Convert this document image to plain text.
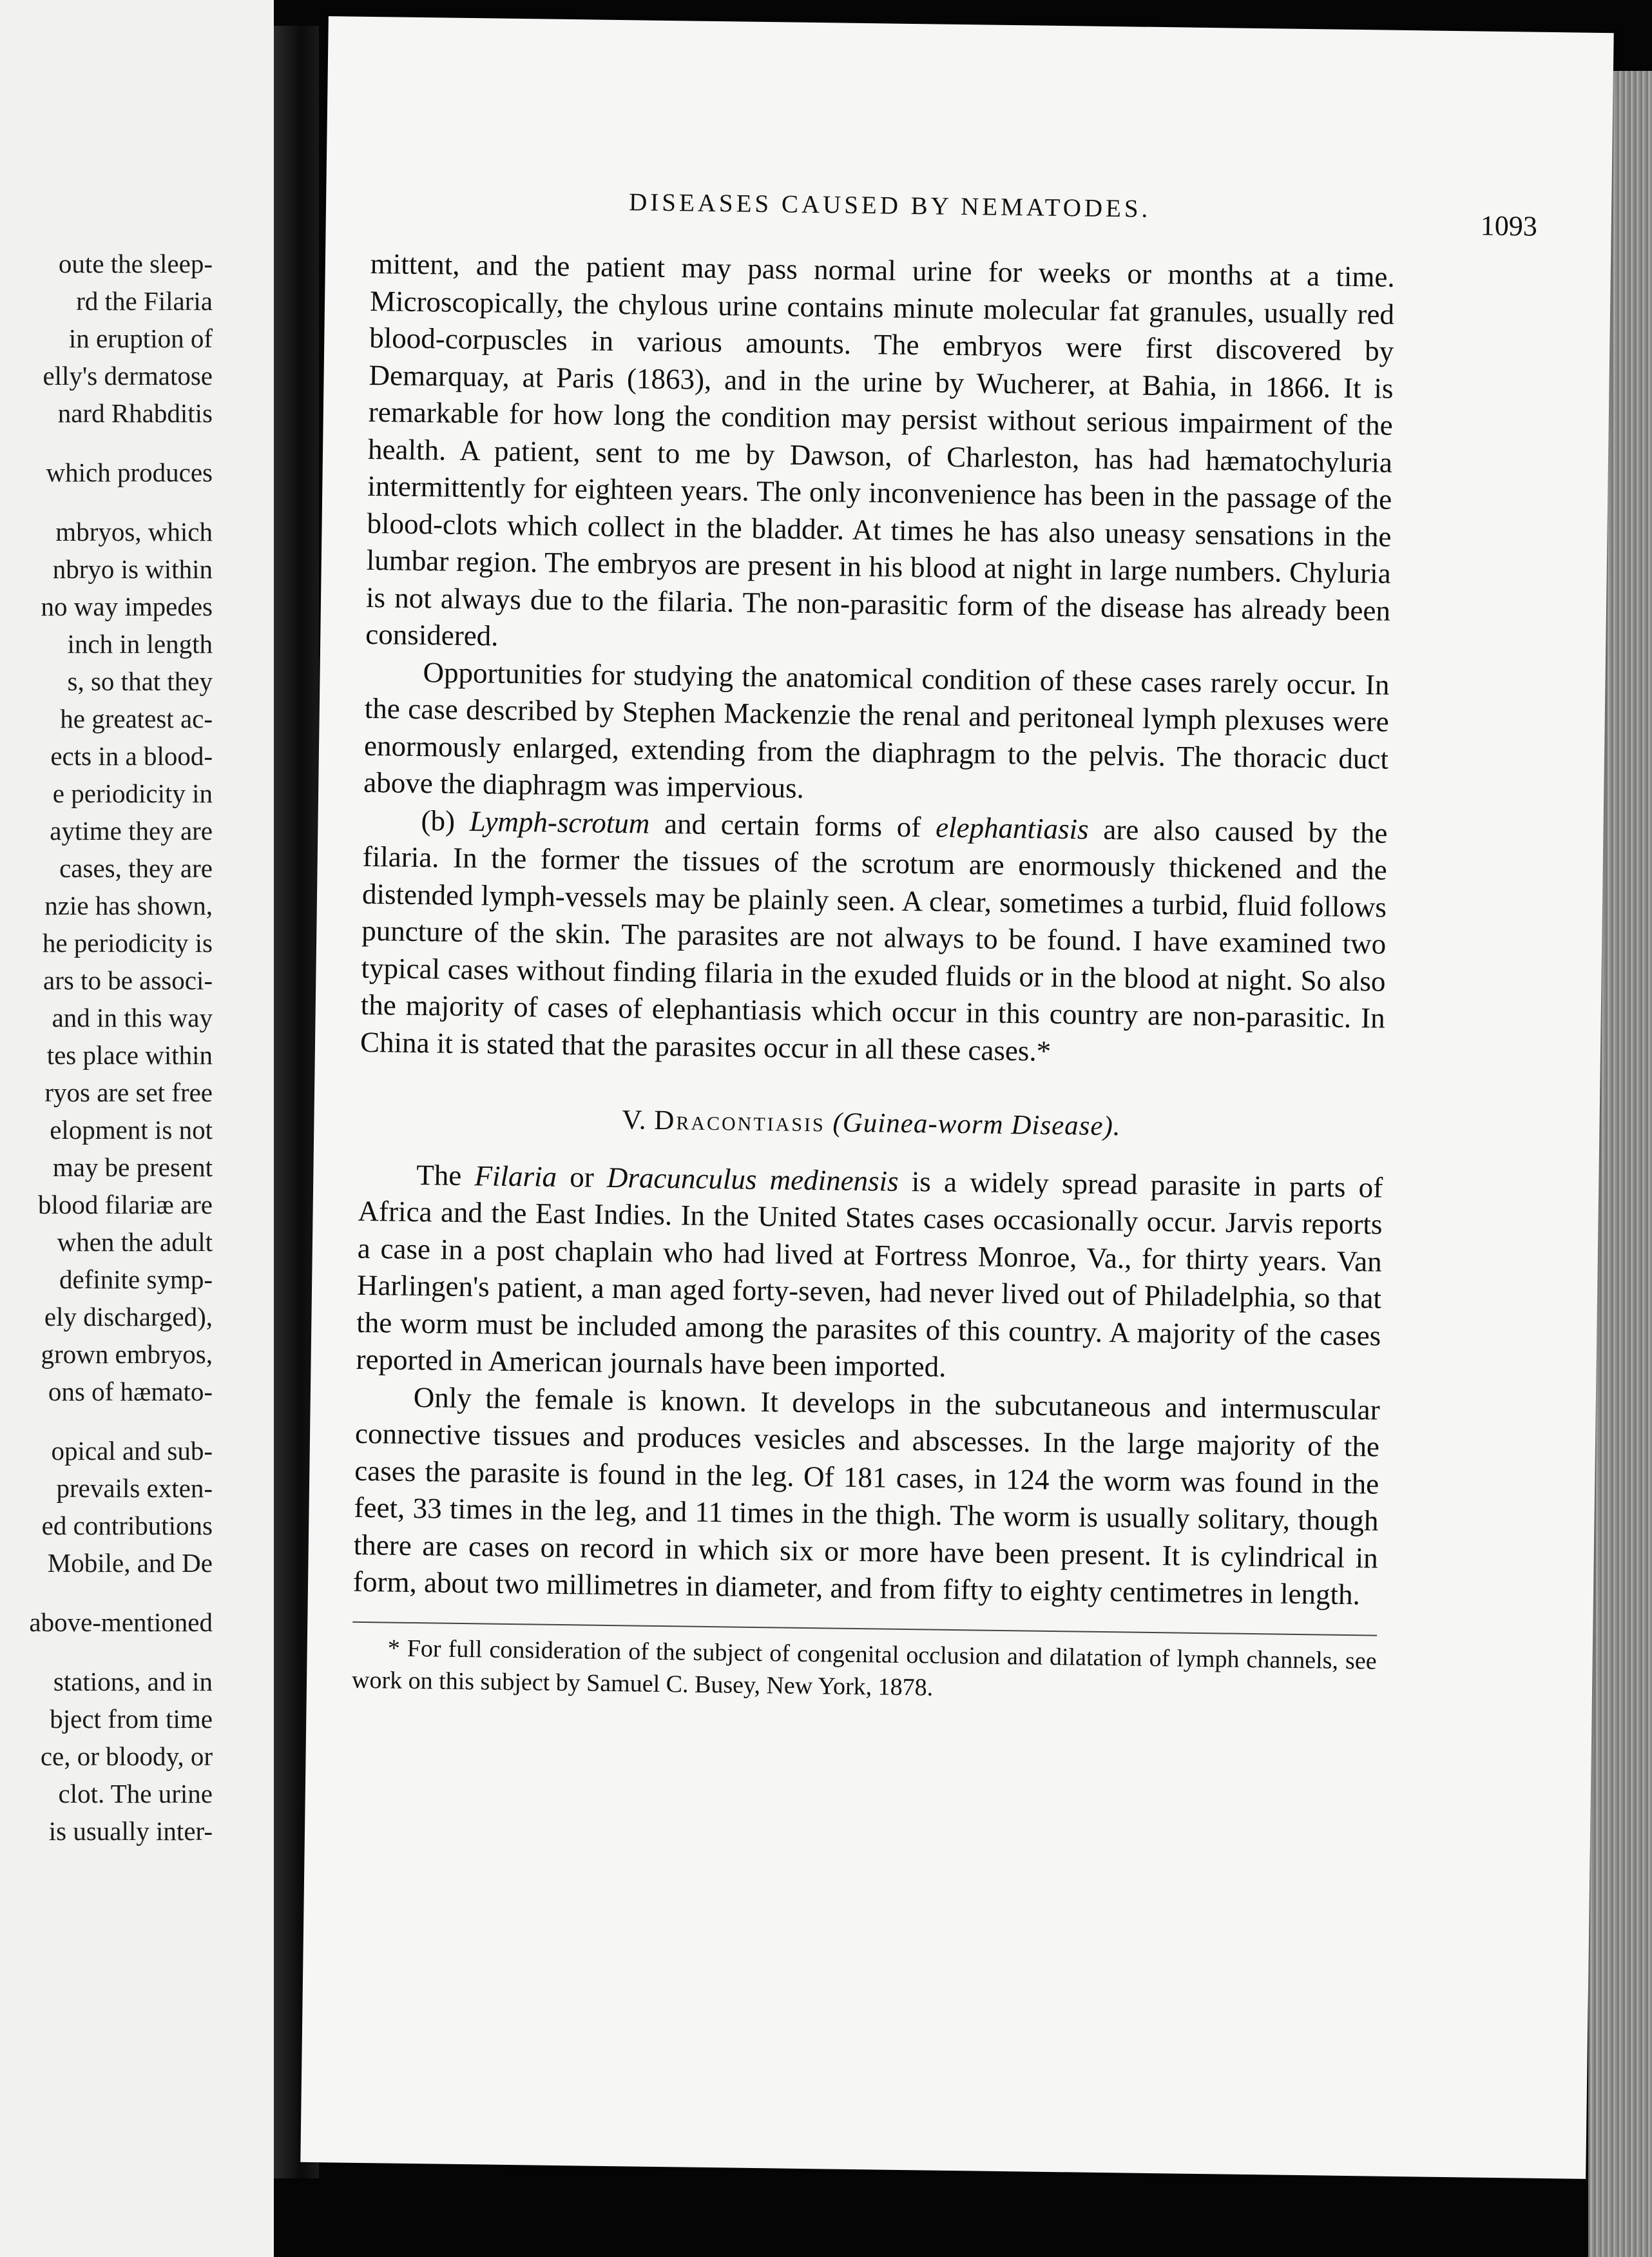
oute the sleep-
rd the Filaria
in eruption of
elly's dermatose
nard Rhabditis
which produces
mbryos, which
nbryo is within
no way impedes
inch in length
s, so that they
he greatest ac-
ects in a blood-
e periodicity in
aytime they are
cases, they are
nzie has shown,
he periodicity is
ars to be associ-
and in this way
tes place within
ryos are set free
elopment is not
may be present
blood filariæ are
when the adult
definite symp-
ely discharged),
grown embryos,
ons of hæmato-
opical and sub-
prevails exten-
ed contributions
Mobile, and De
above-mentioned
stations, and in
bject from time
ce, or bloody, or
clot. The urine
is usually inter-
DISEASES CAUSED BY NEMATODES.
1093

mittent, and the patient may pass normal urine for weeks or months at a time. Microscopically, the chylous urine contains minute molecular fat granules, usually red blood-corpuscles in various amounts. The embryos were first discovered by Demarquay, at Paris (1863), and in the urine by Wucherer, at Bahia, in 1866. It is remarkable for how long the condition may persist without serious impairment of the health. A patient, sent to me by Dawson, of Charleston, has had hæmatochyluria intermittently for eighteen years. The only inconvenience has been in the passage of the blood-clots which collect in the bladder. At times he has also uneasy sensations in the lumbar region. The embryos are present in his blood at night in large numbers. Chyluria is not always due to the filaria. The non-parasitic form of the disease has already been considered.

Opportunities for studying the anatomical condition of these cases rarely occur. In the case described by Stephen Mackenzie the renal and peritoneal lymph plexuses were enormously enlarged, extending from the diaphragm to the pelvis. The thoracic duct above the diaphragm was impervious.

(b) Lymph-scrotum and certain forms of elephantiasis are also caused by the filaria. In the former the tissues of the scrotum are enormously thickened and the distended lymph-vessels may be plainly seen. A clear, sometimes a turbid, fluid follows puncture of the skin. The parasites are not always to be found. I have examined two typical cases without finding filaria in the exuded fluids or in the blood at night. So also the majority of cases of elephantiasis which occur in this country are non-parasitic. In China it is stated that the parasites occur in all these cases.*

V. Dracontiasis (Guinea-worm Disease).

The Filaria or Dracunculus medinensis is a widely spread parasite in parts of Africa and the East Indies. In the United States cases occasionally occur. Jarvis reports a case in a post chaplain who had lived at Fortress Monroe, Va., for thirty years. Van Harlingen's patient, a man aged forty-seven, had never lived out of Philadelphia, so that the worm must be included among the parasites of this country. A majority of the cases reported in American journals have been imported.

Only the female is known. It develops in the subcutaneous and intermuscular connective tissues and produces vesicles and abscesses. In the large majority of the cases the parasite is found in the leg. Of 181 cases, in 124 the worm was found in the feet, 33 times in the leg, and 11 times in the thigh. The worm is usually solitary, though there are cases on record in which six or more have been present. It is cylindrical in form, about two millimetres in diameter, and from fifty to eighty centimetres in length.

* For full consideration of the subject of congenital occlusion and dilatation of lymph channels, see work on this subject by Samuel C. Busey, New York, 1878.
